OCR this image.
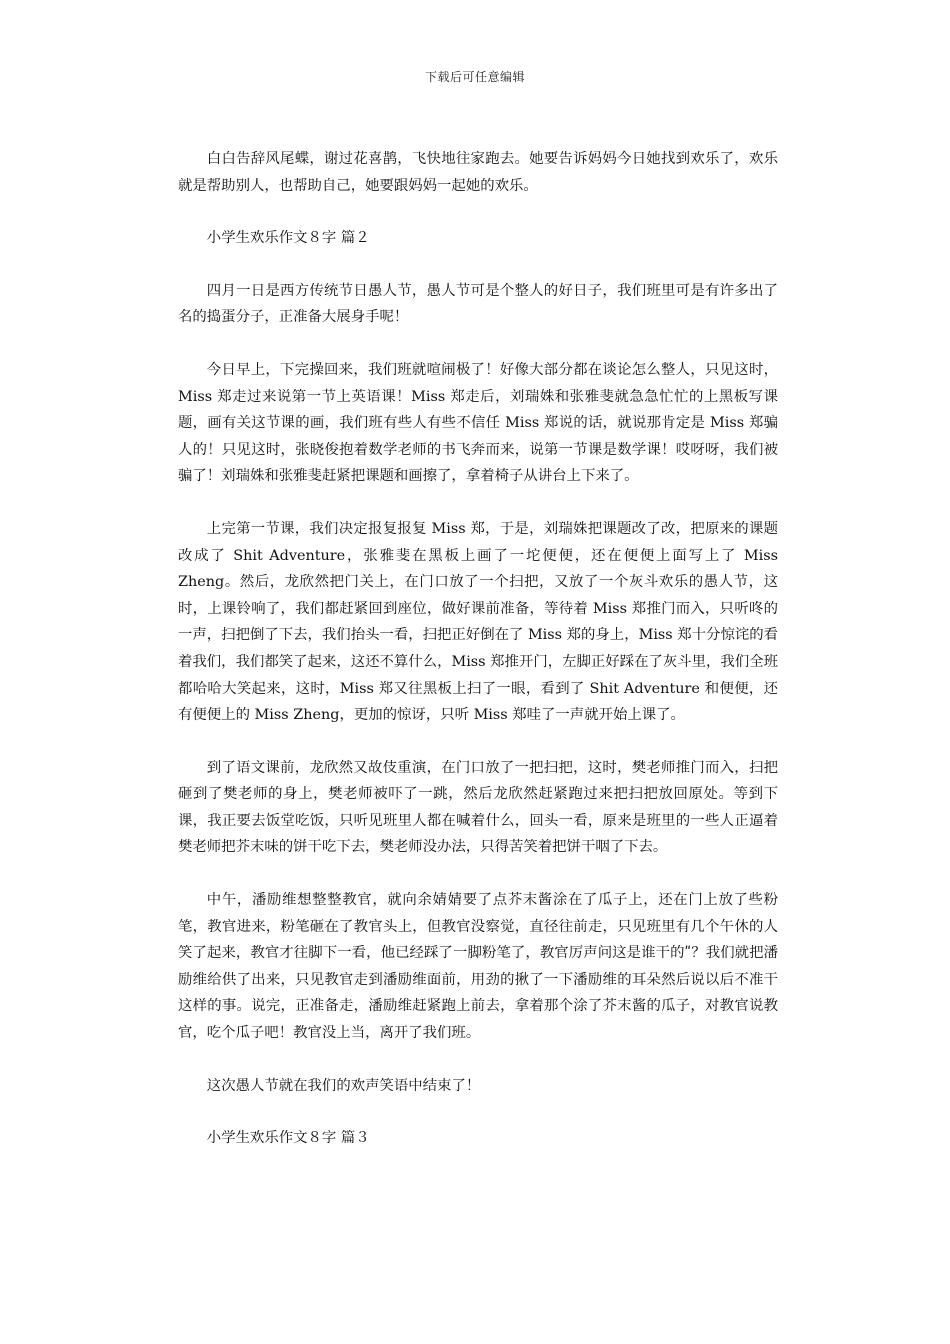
下载后可任意编辑

白白告辞风尾蝶，谢过花喜鹊，飞快地往家跑去。她要告诉妈妈今日她找到欢乐了，欢乐就是帮助别人，也帮助自己，她要跟妈妈一起她的欢乐。

小学生欢乐作文８字 篇２

四月一日是西方传统节日愚人节，愚人节可是个整人的好日子，我们班里可是有许多出了名的捣蛋分子，正准备大展身手呢！

今日早上，下完操回来，我们班就喧闹极了！好像大部分都在谈论怎么整人，只见这时，Miss 郑走过来说第一节上英语课！Miss 郑走后，刘瑞姝和张雅斐就急急忙忙的上黑板写课题，画有关这节课的画，我们班有些人有些不信任 Miss 郑说的话，就说那肯定是 Miss 郑骗人的！只见这时，张晓俊抱着数学老师的书飞奔而来，说第一节课是数学课！哎呀呀，我们被骗了！刘瑞姝和张雅斐赶紧把课题和画擦了，拿着椅子从讲台上下来了。

上完第一节课，我们决定报复报复 Miss 郑，于是，刘瑞姝把课题改了改，把原来的课题改成了 Shit Adventure，张雅斐在黑板上画了一坨便便，还在便便上面写上了 Miss Zheng。然后，龙欣然把门关上，在门口放了一个扫把，又放了一个灰斗欢乐的愚人节，这时，上课铃响了，我们都赶紧回到座位，做好课前准备，等待着 Miss 郑推门而入，只听咚的一声，扫把倒了下去，我们抬头一看，扫把正好倒在了 Miss 郑的身上，Miss 郑十分惊诧的看着我们，我们都笑了起来，这还不算什么，Miss 郑推开门，左脚正好踩在了灰斗里，我们全班都哈哈大笑起来，这时，Miss 郑又往黑板上扫了一眼，看到了 Shit Adventure 和便便，还有便便上的 Miss Zheng，更加的惊讶，只听 Miss 郑哇了一声就开始上课了。

到了语文课前，龙欣然又故伎重演，在门口放了一把扫把，这时，樊老师推门而入，扫把砸到了樊老师的身上，樊老师被吓了一跳，然后龙欣然赶紧跑过来把扫把放回原处。等到下课，我正要去饭堂吃饭，只听见班里人都在喊着什么，回头一看，原来是班里的一些人正逼着樊老师把芥末味的饼干吃下去，樊老师没办法，只得苦笑着把饼干咽了下去。

中午，潘励维想整整教官，就向余婧婧要了点芥末酱涂在了瓜子上，还在门上放了些粉笔，教官进来，粉笔砸在了教官头上，但教官没察觉，直径往前走，只见班里有几个午休的人笑了起来，教官才往脚下一看，他已经踩了一脚粉笔了，教官厉声问这是谁干的ʺ？我们就把潘励维给供了出来，只见教官走到潘励维面前，用劲的揪了一下潘励维的耳朵然后说以后不准干这样的事。说完，正准备走，潘励维赶紧跑上前去，拿着那个涂了芥末酱的瓜子，对教官说教官，吃个瓜子吧！教官没上当，离开了我们班。

这次愚人节就在我们的欢声笑语中结束了！

小学生欢乐作文８字 篇３
